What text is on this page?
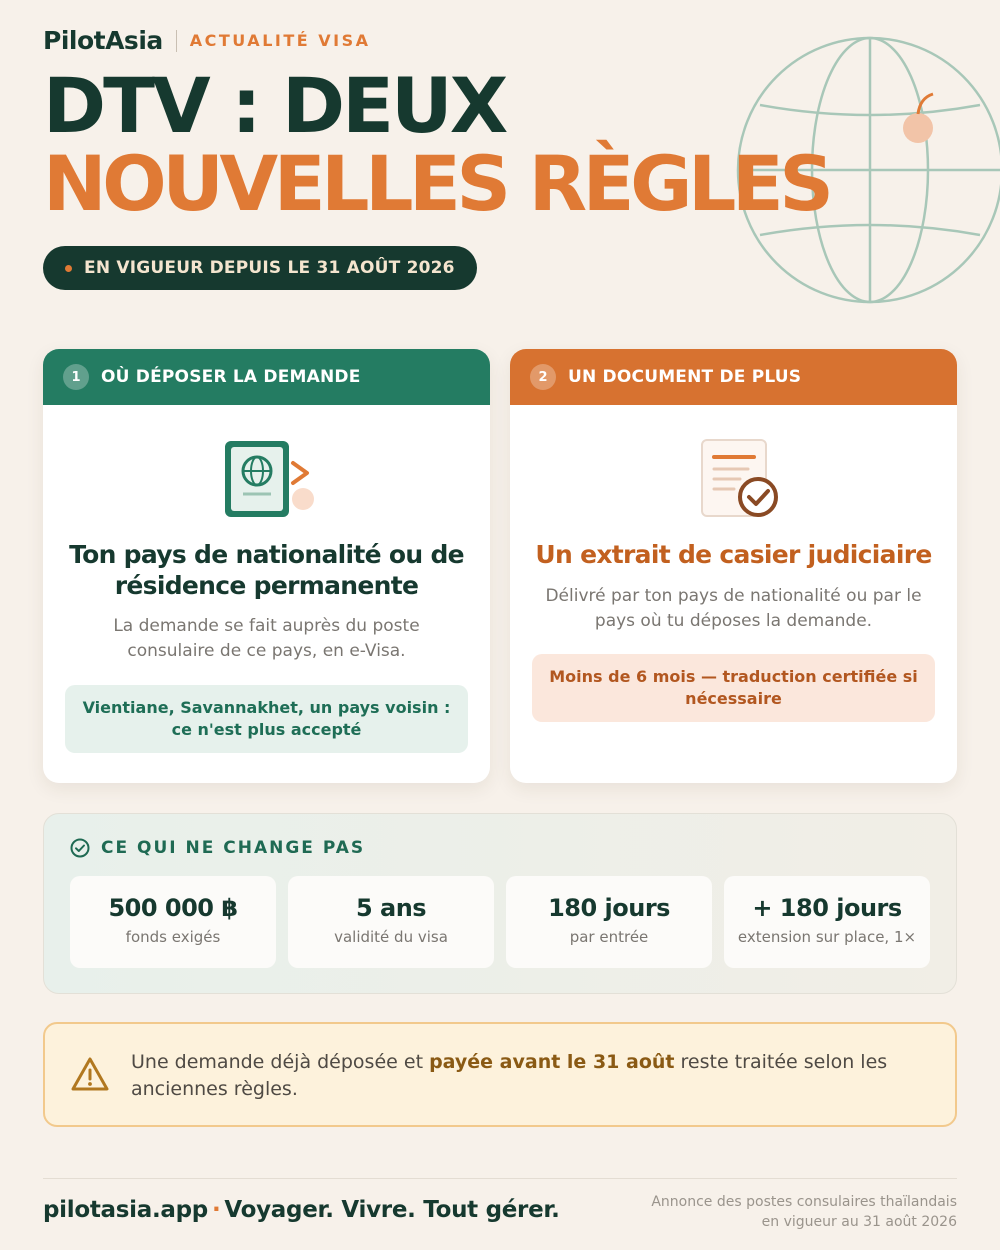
PilotAsia ACTUALITÉ VISA
DTV : DEUX
NOUVELLES RÈGLES
EN VIGUEUR DEPUIS LE 31 AOÛT 2026
1	OÙ DÉPOSER LA DEMANDE
Ton pays de nationalité ou de résidence permanente
La demande se fait auprès du poste consulaire de ce pays, en e-Visa.
Vientiane, Savannakhet, un pays voisin : ce n'est plus accepté
2	UN DOCUMENT DE PLUS
Un extrait de casier judiciaire
Délivré par ton pays de nationalité ou par le pays où tu déposes la demande.
Moins de 6 mois — traduction certifiée si nécessaire
CE QUI NE CHANGE PAS
500 000 ฿
fonds exigés
5 ans
validité du visa
180 jours
par entrée
+ 180 jours
extension sur place, 1×
Une demande déjà déposée et payée avant le 31 août reste traitée selon les anciennes règles.
pilotasia.app · Voyager. Vivre. Tout gérer.	Annonce des postes consulaires thaïlandais
en vigueur au 31 août 2026
